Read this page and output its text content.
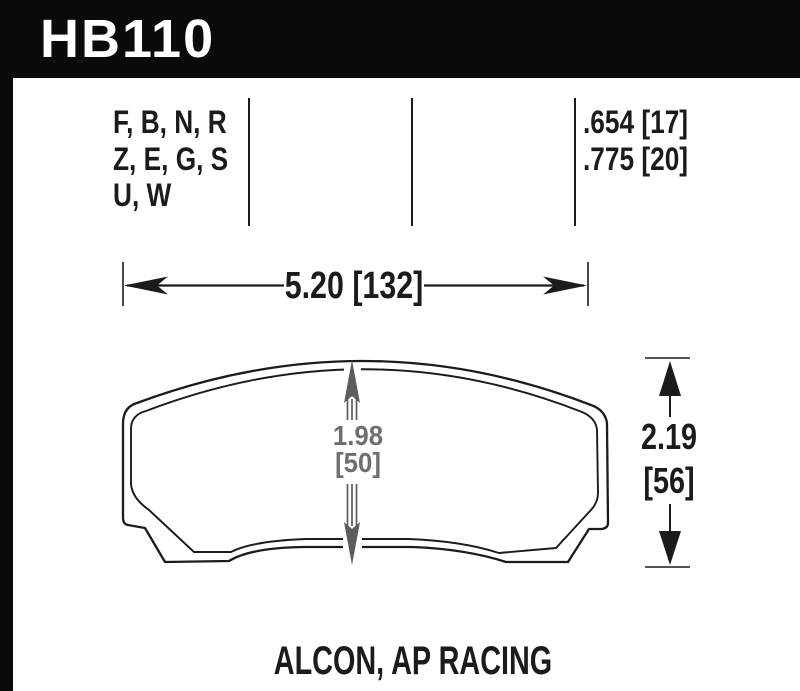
HB110
F, B, N, R
Z, E, G, S
U, W
.654 [17]
.775 [20]
5.20 [132]
2.19
[56]
1.98
[50]
ALCON, AP RACING
